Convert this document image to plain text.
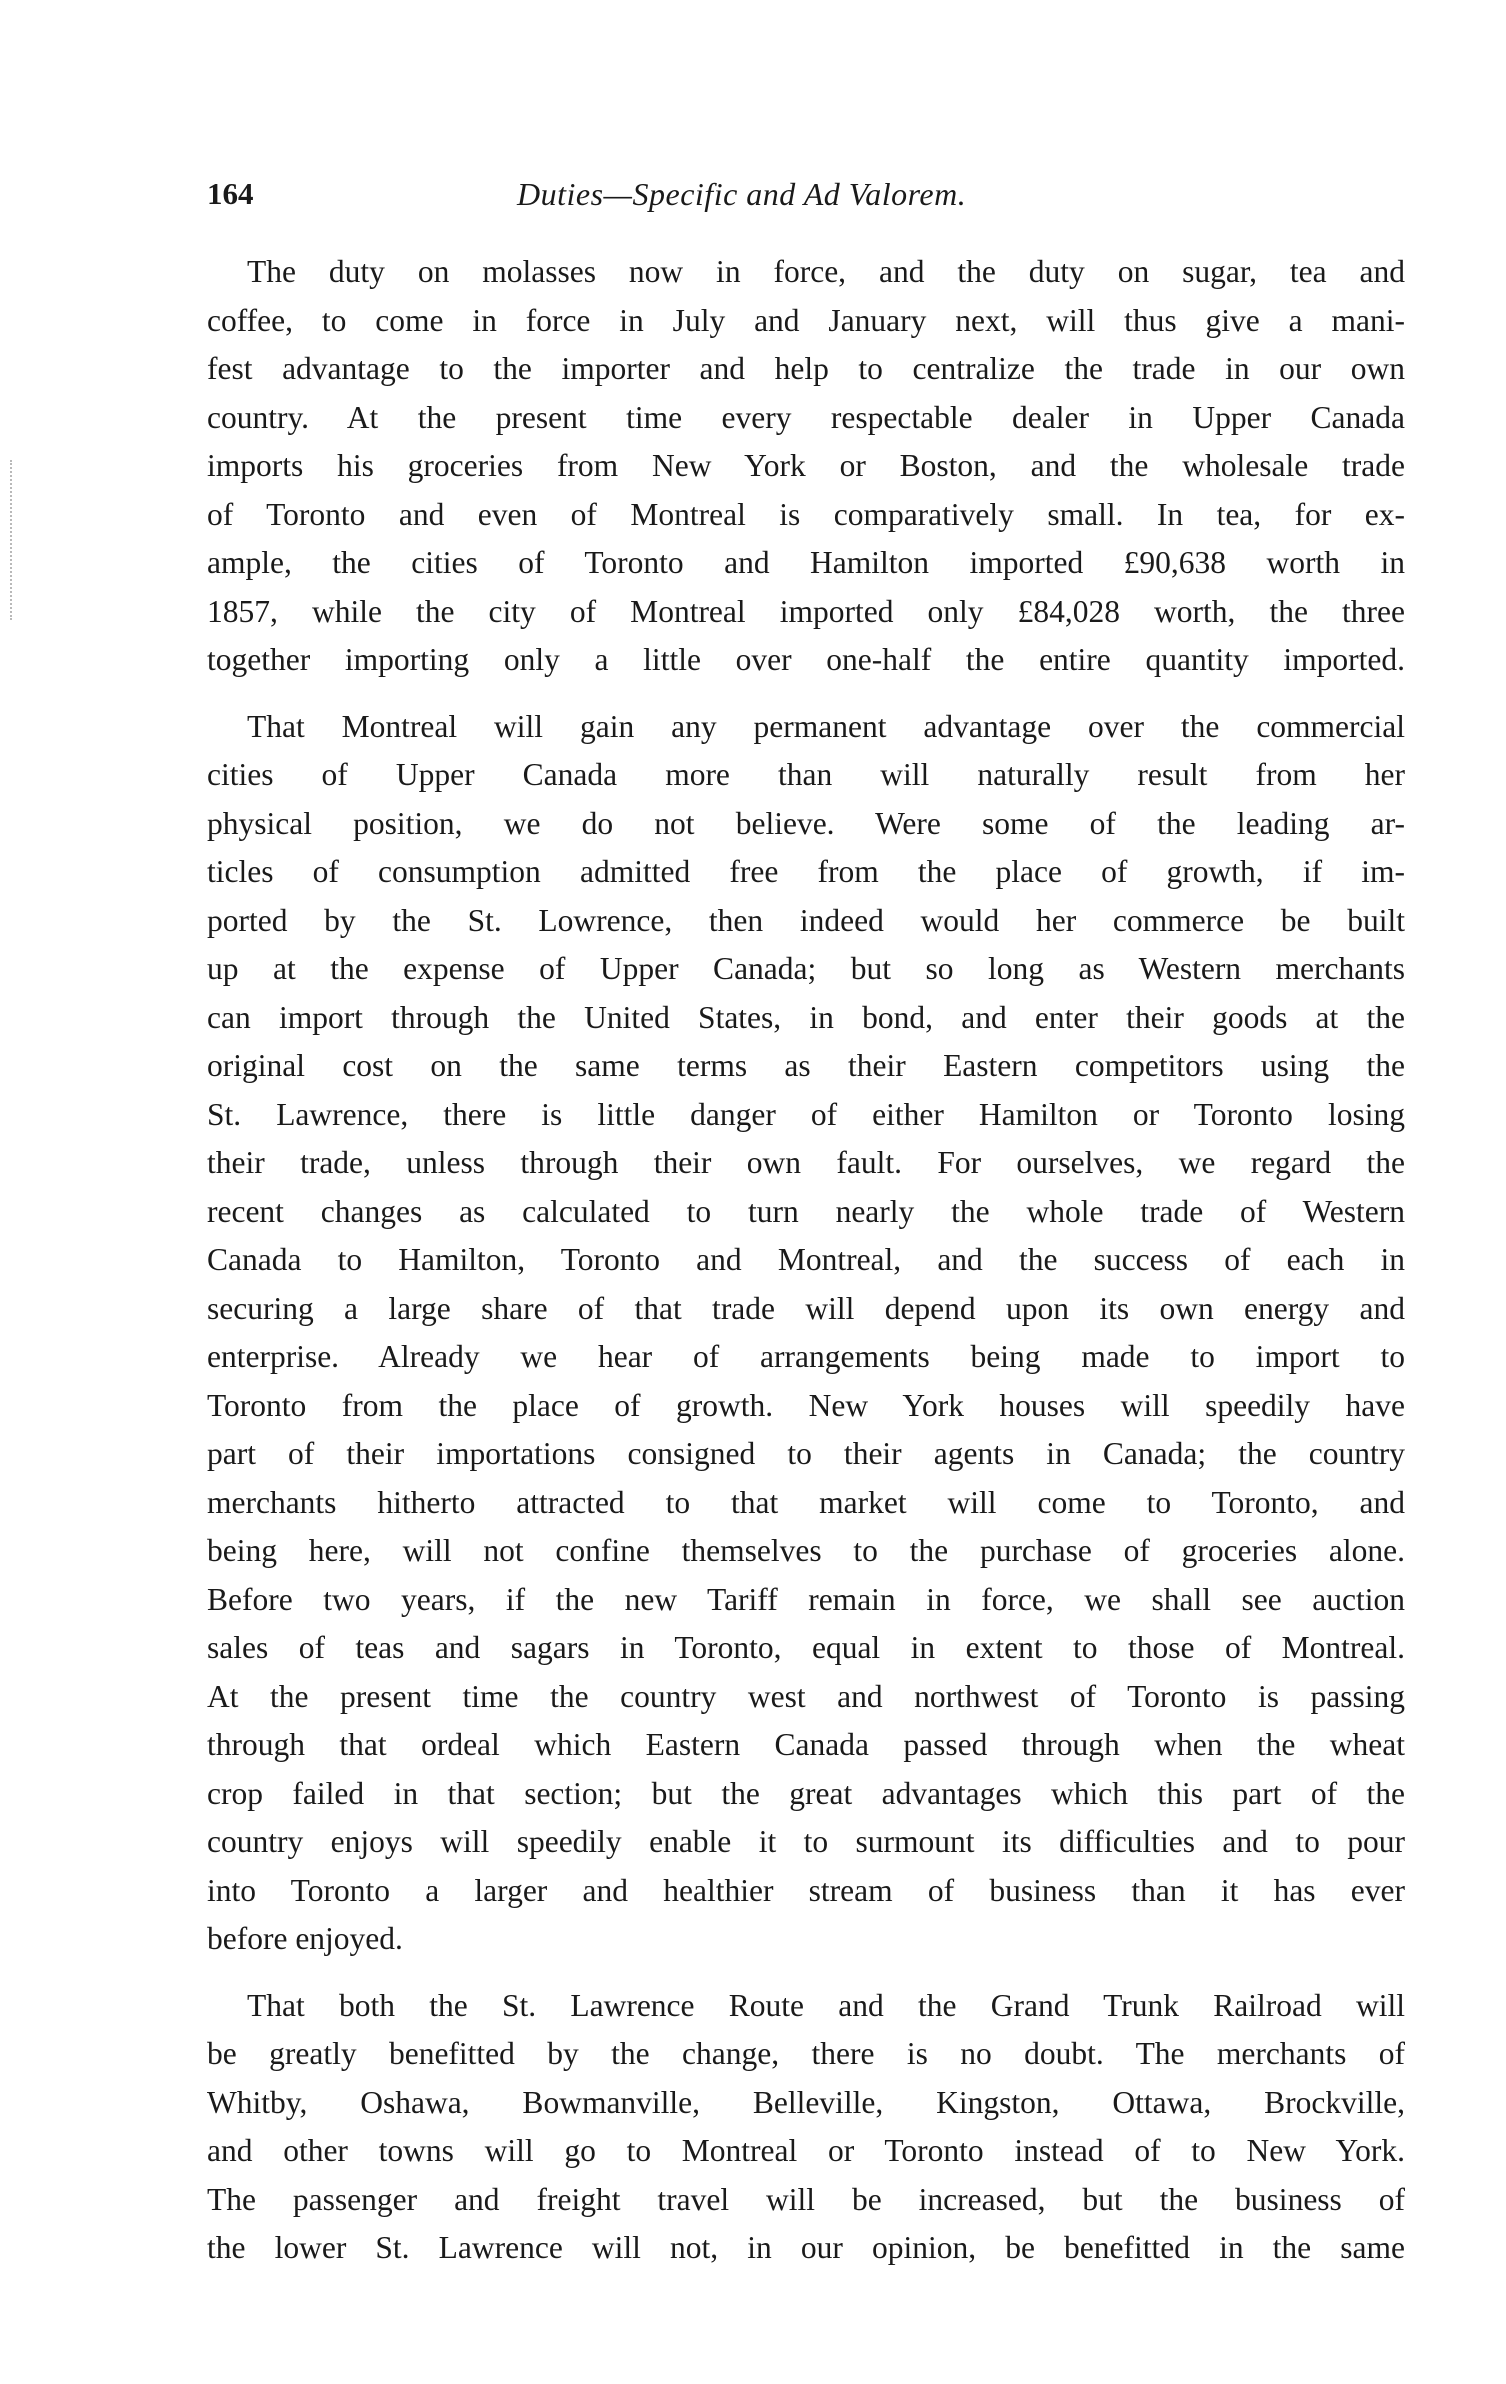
164	Duties—Specific and Ad Valorem.
The duty on molasses now in force, and the duty on sugar, tea and
coffee, to come in force in July and January next, will thus give a mani-
fest advantage to the importer and help to centralize the trade in our own
country. At the present time every respectable dealer in Upper Canada
imports his groceries from New York or Boston, and the wholesale trade
of Toronto and even of Montreal is comparatively small. In tea, for ex-
ample, the cities of Toronto and Hamilton imported £90,638 worth in
1857, while the city of Montreal imported only £84,028 worth, the three
together importing only a little over one-half the entire quantity imported.
That Montreal will gain any permanent advantage over the commercial
cities of Upper Canada more than will naturally result from her
physical position, we do not believe. Were some of the leading ar-
ticles of consumption admitted free from the place of growth, if im-
ported by the St. Lowrence, then indeed would her commerce be built
up at the expense of Upper Canada; but so long as Western merchants
can import through the United States, in bond, and enter their goods at the
original cost on the same terms as their Eastern competitors using the
St. Lawrence, there is little danger of either Hamilton or Toronto losing
their trade, unless through their own fault. For ourselves, we regard the
recent changes as calculated to turn nearly the whole trade of Western
Canada to Hamilton, Toronto and Montreal, and the success of each in
securing a large share of that trade will depend upon its own energy and
enterprise. Already we hear of arrangements being made to import to
Toronto from the place of growth. New York houses will speedily have
part of their importations consigned to their agents in Canada; the country
merchants hitherto attracted to that market will come to Toronto, and
being here, will not confine themselves to the purchase of groceries alone.
Before two years, if the new Tariff remain in force, we shall see auction
sales of teas and sagars in Toronto, equal in extent to those of Montreal.
At the present time the country west and northwest of Toronto is passing
through that ordeal which Eastern Canada passed through when the wheat
crop failed in that section; but the great advantages which this part of the
country enjoys will speedily enable it to surmount its difficulties and to pour
into Toronto a larger and healthier stream of business than it has ever
before enjoyed.
That both the St. Lawrence Route and the Grand Trunk Railroad will
be greatly benefitted by the change, there is no doubt. The merchants of
Whitby, Oshawa, Bowmanville, Belleville, Kingston, Ottawa, Brockville,
and other towns will go to Montreal or Toronto instead of to New York.
The passenger and freight travel will be increased, but the business of
the lower St. Lawrence will not, in our opinion, be benefitted in the same
